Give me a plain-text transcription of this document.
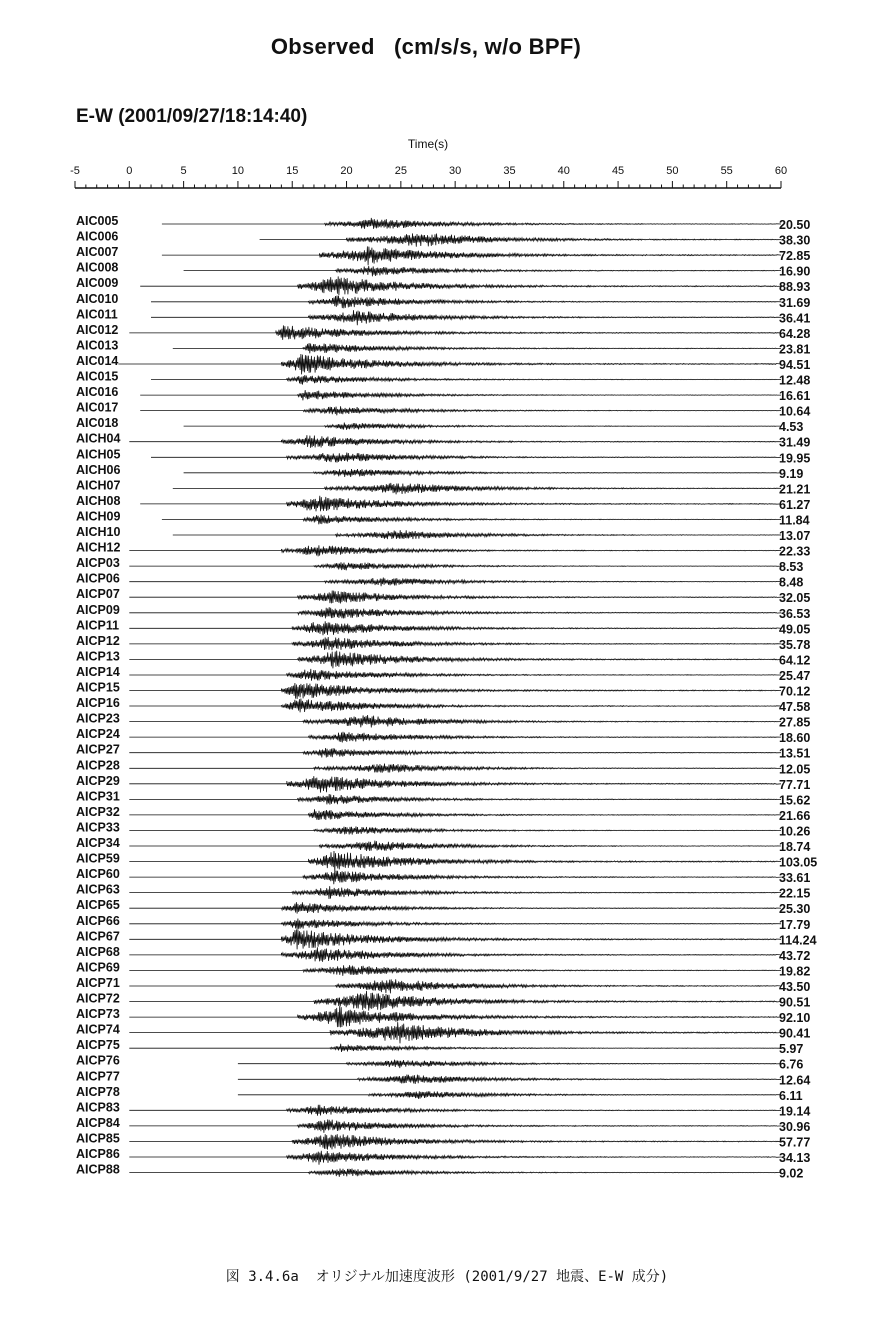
Observed   (cm/s/s, w/o BPF)
E-W (2001/09/27/18:14:40)
Time(s)
-5	0	5	10	15	20	25	30	35	40	45	50	55	60
AIC005	20.50
AIC006	38.30
AIC007	72.85
AIC008	16.90
AIC009	88.93
AIC010	31.69
AIC011	36.41
AIC012	64.28
AIC013	23.81
AIC014	94.51
AIC015	12.48
AIC016	16.61
AIC017	10.64
AIC018	4.53
AICH04	31.49
AICH05	19.95
AICH06	9.19
AICH07	21.21
AICH08	61.27
AICH09	11.84
AICH10	13.07
AICH12	22.33
AICP03	8.53
AICP06	8.48
AICP07	32.05
AICP09	36.53
AICP11	49.05
AICP12	35.78
AICP13	64.12
AICP14	25.47
AICP15	70.12
AICP16	47.58
AICP23	27.85
AICP24	18.60
AICP27	13.51
AICP28	12.05
AICP29	77.71
AICP31	15.62
AICP32	21.66
AICP33	10.26
AICP34	18.74
AICP59	103.05
AICP60	33.61
AICP63	22.15
AICP65	25.30
AICP66	17.79
AICP67	114.24
AICP68	43.72
AICP69	19.82
AICP71	43.50
AICP72	90.51
AICP73	92.10
AICP74	90.41
AICP75	5.97
AICP76	6.76
AICP77	12.64
AICP78	6.11
AICP83	19.14
AICP84	30.96
AICP85	57.77
AICP86	34.13
AICP88	9.02
図 3.4.6a  オリジナル加速度波形 (2001/9/27 地震、E-W 成分)
